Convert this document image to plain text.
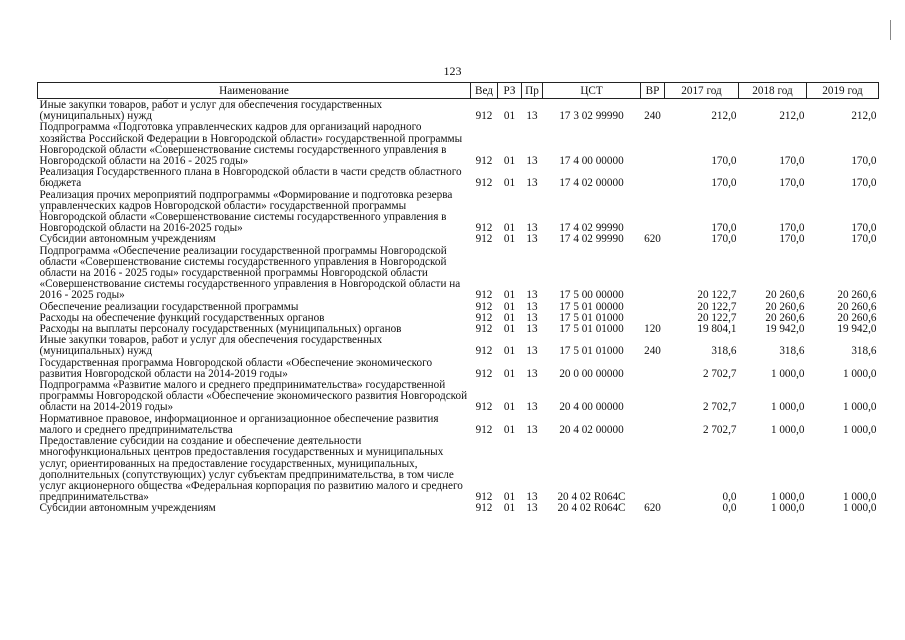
123
Наименование	Вед	РЗ	Пр	ЦСТ	ВР	2017 год	2018 год	2019 год
Иные закупки товаров, работ и услуг для обеспечения государственных (муниципальных) нужд	912	01	13	17 3 02 99990	240	212,0	212,0	212,0
Подпрограмма «Подготовка управленческих кадров для организаций народного хозяйства Российской Федерации в Новгородской области» государственной программы Новгородской области «Совершенствование системы государственного управления в Новгородской области на 2016 - 2025 годы»	912	01	13	17 4 00 00000		170,0	170,0	170,0
Реализация Государственного плана в Новгородской области в части средств областного бюджета	912	01	13	17 4 02 00000		170,0	170,0	170,0
Реализация прочих мероприятий подпрограммы «Формирование и подготовка резерва управленческих кадров Новгородской области» государственной программы Новгородской области «Совершенствование системы государственного управления в Новгородской области на 2016-2025 годы»	912	01	13	17 4 02 99990		170,0	170,0	170,0
Субсидии автономным учреждениям	912	01	13	17 4 02 99990	620	170,0	170,0	170,0
Подпрограмма «Обеспечение реализации государственной программы Новгородской области «Совершенствование системы государственного управления в Новгородской области на 2016 - 2025 годы» государственной программы Новгородской области «Совершенствование системы государственного управления в Новгородской области на 2016 - 2025 годы»	912	01	13	17 5 00 00000		20 122,7	20 260,6	20 260,6
Обеспечение реализации государственной программы	912	01	13	17 5 01 00000		20 122,7	20 260,6	20 260,6
Расходы на обеспечение функций государственных органов	912	01	13	17 5 01 01000		20 122,7	20 260,6	20 260,6
Расходы на выплаты персоналу государственных (муниципальных) органов	912	01	13	17 5 01 01000	120	19 804,1	19 942,0	19 942,0
Иные закупки товаров, работ и услуг для обеспечения государственных (муниципальных) нужд	912	01	13	17 5 01 01000	240	318,6	318,6	318,6
Государственная программа Новгородской области «Обеспечение экономического развития Новгородской области на 2014-2019 годы»	912	01	13	20 0 00 00000		2 702,7	1 000,0	1 000,0
Подпрограмма «Развитие малого и среднего предпринимательства» государственной программы Новгородской области «Обеспечение экономического развития Новгородской области на 2014-2019 годы»	912	01	13	20 4 00 00000		2 702,7	1 000,0	1 000,0
Нормативное правовое, информационное и организационное обеспечение развития малого и среднего предпринимательства	912	01	13	20 4 02 00000		2 702,7	1 000,0	1 000,0
Предоставление субсидии на создание и обеспечение деятельности многофункциональных центров предоставления государственных и муниципальных услуг, ориентированных на предоставление государственных, муниципальных, дополнительных (сопутствующих) услуг субъектам предпринимательства, в том числе услуг акционерного общества «Федеральная корпорация по развитию малого и среднего предпринимательства»	912	01	13	20 4 02 R064C		0,0	1 000,0	1 000,0
Субсидии автономным учреждениям	912	01	13	20 4 02 R064C	620	0,0	1 000,0	1 000,0
